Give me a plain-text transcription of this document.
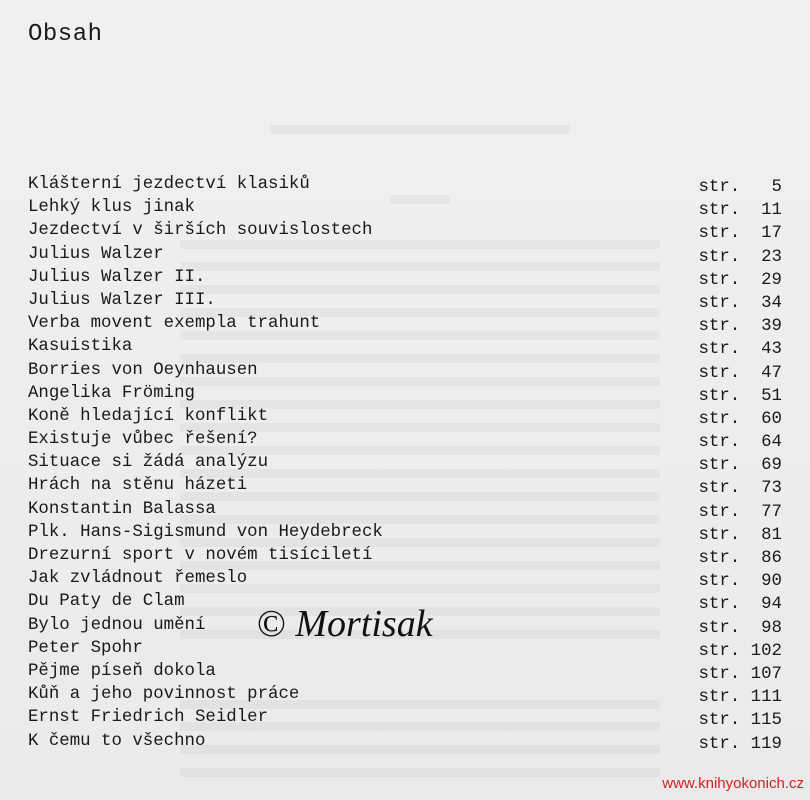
Obsah
Klášterní jezdectví klasiků	str.   5
Lehký klus jinak	str.  11
Jezdectví v širších souvislostech	str.  17
Julius Walzer	str.  23
Julius Walzer II.	str.  29
Julius Walzer III.	str.  34
Verba movent exempla trahunt	str.  39
Kasuistika	str.  43
Borries von Oeynhausen	str.  47
Angelika Fröming	str.  51
Koně hledající konflikt	str.  60
Existuje vůbec řešení?	str.  64
Situace si žádá analýzu	str.  69
Hrách na stěnu házeti	str.  73
Konstantin Balassa	str.  77
Plk. Hans-Sigismund von Heydebreck	str.  81
Drezurní sport v novém tisíciletí	str.  86
Jak zvládnout řemeslo	str.  90
Du Paty de Clam	str.  94
Bylo jednou umění	str.  98
Peter Spohr	str. 102
Pějme píseň dokola	str. 107
Kůň a jeho povinnost práce	str. 111
Ernst Friedrich Seidler	str. 115
K čemu to všechno	str. 119
© Mortisak
www.knihyokonich.cz
